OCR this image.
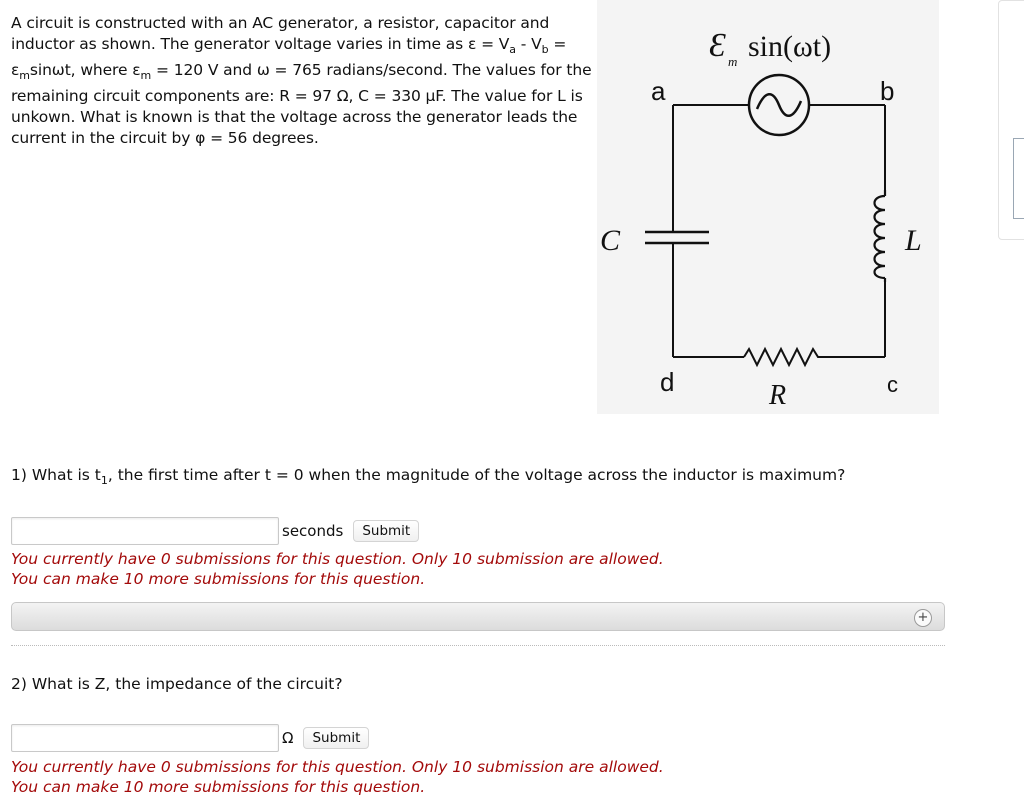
A circuit is constructed with an AC generator, a resistor, capacitor and
inductor as shown. The generator voltage varies in time as $\varepsilon = V_a - V_b$ =
$\varepsilon_m\sin\omega t$, where $\varepsilon_m = 120$ V and ω = 765 radians/second. The values for the
remaining circuit components are: R = 97 Ω, C = 330 μF. The value for L is
unkown. What is known is that the voltage across the generator leads the
current in the circuit by φ = 56 degrees.
Ɛ m sin(ωt)
a	b
c
d
C	L
R
1) What is $t_1$, the first time after t = 0 when the magnitude of the voltage across the inductor is maximum?
seconds	Submit
You currently have 0 submissions for this question. Only 10 submission are allowed.
You can make 10 more submissions for this question.
+
2) What is Z, the impedance of the circuit?
Ω	Submit
You currently have 0 submissions for this question. Only 10 submission are allowed.
You can make 10 more submissions for this question.
